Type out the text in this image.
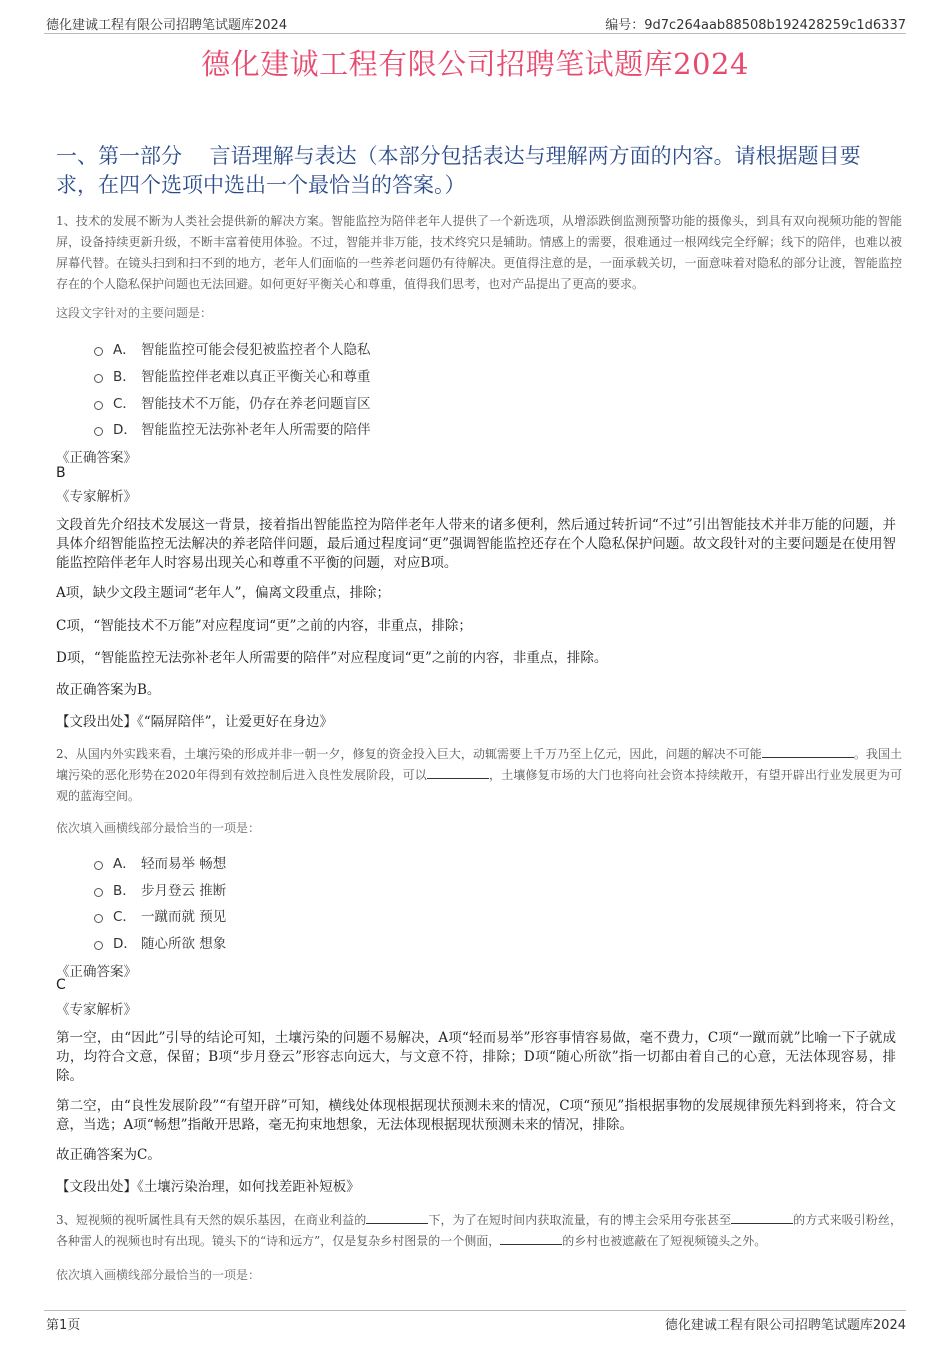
德化建诚工程有限公司招聘笔试题库2024	编号：9d7c264aab88508b192428259c1d6337
德化建诚工程有限公司招聘笔试题库2024
一、第一部分　 言语理解与表达（本部分包括表达与理解两方面的内容。请根据题目要求，在四个选项中选出一个最恰当的答案。）
1、技术的发展不断为人类社会提供新的解决方案。智能监控为陪伴老年人提供了一个新选项，从增添跌倒监测预警功能的摄像头，到具有双向视频功能的智能屏，设备持续更新升级，不断丰富着使用体验。不过，智能并非万能，技术终究只是辅助。情感上的需要，很难通过一根网线完全纾解；线下的陪伴，也难以被屏幕代替。在镜头扫到和扫不到的地方，老年人们面临的一些养老问题仍有待解决。更值得注意的是，一面承载关切，一面意味着对隐私的部分让渡，智能监控存在的个人隐私保护问题也无法回避。如何更好平衡关心和尊重，值得我们思考，也对产品提出了更高的要求。
这段文字针对的主要问题是：
A． 智能监控可能会侵犯被监控者个人隐私
B． 智能监控伴老难以真正平衡关心和尊重
C． 智能技术不万能，仍存在养老问题盲区
D． 智能监控无法弥补老年人所需要的陪伴
《正确答案》
B
《专家解析》
文段首先介绍技术发展这一背景，接着指出智能监控为陪伴老年人带来的诸多便利，然后通过转折词“不过”引出智能技术并非万能的问题，并具体介绍智能监控无法解决的养老陪伴问题，最后通过程度词“更”强调智能监控还存在个人隐私保护问题。故文段针对的主要问题是在使用智能监控陪伴老年人时容易出现关心和尊重不平衡的问题，对应B项。
A项，缺少文段主题词“老年人”，偏离文段重点，排除；
C项，“智能技术不万能”对应程度词“更”之前的内容，非重点，排除；
D项，“智能监控无法弥补老年人所需要的陪伴”对应程度词“更”之前的内容，非重点，排除。
故正确答案为B。
【文段出处】《“隔屏陪伴”，让爱更好在身边》
2、从国内外实践来看，土壤污染的形成并非一朝一夕，修复的资金投入巨大，动辄需要上千万乃至上亿元，因此，问题的解决不可能	。我国土壤污染的恶化形势在2020年得到有效控制后进入良性发展阶段，可以	，土壤修复市场的大门也将向社会资本持续敞开，有望开辟出行业发展更为可观的蓝海空间。
依次填入画横线部分最恰当的一项是：
A． 轻而易举 畅想
B． 步月登云 推断
C． 一蹴而就 预见
D． 随心所欲 想象
《正确答案》
C
《专家解析》
第一空，由“因此”引导的结论可知，土壤污染的问题不易解决，A项“轻而易举”形容事情容易做，毫不费力，C项“一蹴而就”比喻一下子就成功，均符合文意，保留；B项“步月登云”形容志向远大，与文意不符，排除；D项“随心所欲”指一切都由着自己的心意，无法体现容易，排除。
第二空，由“良性发展阶段”“有望开辟”可知，横线处体现根据现状预测未来的情况，C项“预见”指根据事物的发展规律预先料到将来，符合文意，当选；A项“畅想”指敞开思路，毫无拘束地想象，无法体现根据现状预测未来的情况，排除。
故正确答案为C。
【文段出处】《土壤污染治理，如何找差距补短板》
3、短视频的视听属性具有天然的娱乐基因，在商业利益的	下，为了在短时间内获取流量，有的博主会采用夸张甚至	的方式来吸引粉丝，各种雷人的视频也时有出现。镜头下的“诗和远方”，仅是复杂乡村图景的一个侧面，	的乡村也被遮蔽在了短视频镜头之外。
依次填入画横线部分最恰当的一项是：
第1页	德化建诚工程有限公司招聘笔试题库2024
